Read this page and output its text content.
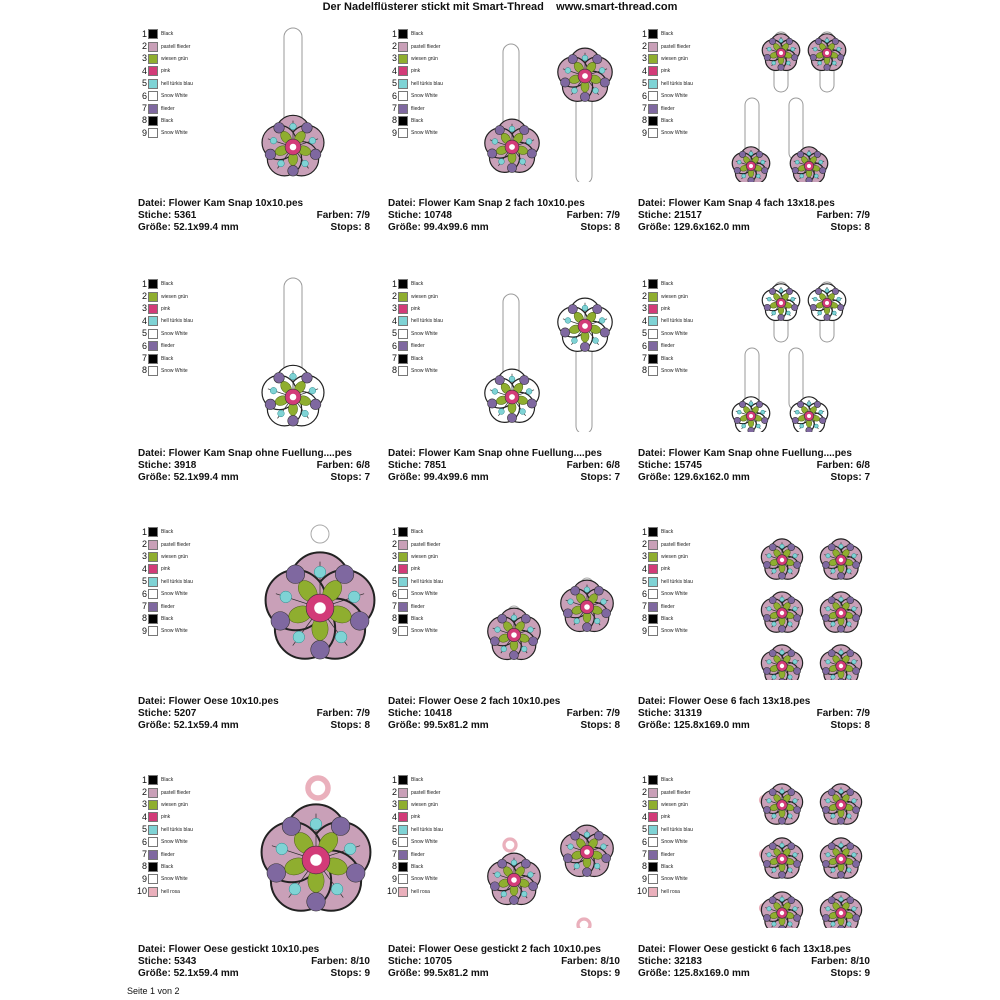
Der Nadelflüsterer stickt mit Smart-Thread www.smart-thread.com
1	Black
2	pastell flieder
3	wiesen grün
4	pink
5	hell türkis blau
6	Snow White
7	flieder
8	Black
9	Snow White
Datei: Flower Kam Snap 10x10.pes
Stiche: 5361	Farben: 7/9
Größe: 52.1x99.4 mm	Stops: 8
1	Black
2	pastell flieder
3	wiesen grün
4	pink
5	hell türkis blau
6	Snow White
7	flieder
8	Black
9	Snow White
Datei: Flower Kam Snap 2 fach 10x10.pes
Stiche: 10748	Farben: 7/9
Größe: 99.4x99.6 mm	Stops: 8
1	Black
2	pastell flieder
3	wiesen grün
4	pink
5	hell türkis blau
6	Snow White
7	flieder
8	Black
9	Snow White
Datei: Flower Kam Snap 4 fach 13x18.pes
Stiche: 21517	Farben: 7/9
Größe: 129.6x162.0 mm	Stops: 8
1	Black
2	wiesen grün
3	pink
4	hell türkis blau
5	Snow White
6	flieder
7	Black
8	Snow White
Datei: Flower Kam Snap ohne Fuellung....pes
Stiche: 3918	Farben: 6/8
Größe: 52.1x99.4 mm	Stops: 7
1	Black
2	wiesen grün
3	pink
4	hell türkis blau
5	Snow White
6	flieder
7	Black
8	Snow White
Datei: Flower Kam Snap ohne Fuellung....pes
Stiche: 7851	Farben: 6/8
Größe: 99.4x99.6 mm	Stops: 7
1	Black
2	wiesen grün
3	pink
4	hell türkis blau
5	Snow White
6	flieder
7	Black
8	Snow White
Datei: Flower Kam Snap ohne Fuellung....pes
Stiche: 15745	Farben: 6/8
Größe: 129.6x162.0 mm	Stops: 7
1	Black
2	pastell flieder
3	wiesen grün
4	pink
5	hell türkis blau
6	Snow White
7	flieder
8	Black
9	Snow White
Datei: Flower Oese 10x10.pes
Stiche: 5207	Farben: 7/9
Größe: 52.1x59.4 mm	Stops: 8
1	Black
2	pastell flieder
3	wiesen grün
4	pink
5	hell türkis blau
6	Snow White
7	flieder
8	Black
9	Snow White
Datei: Flower Oese 2 fach 10x10.pes
Stiche: 10418	Farben: 7/9
Größe: 99.5x81.2 mm	Stops: 8
1	Black
2	pastell flieder
3	wiesen grün
4	pink
5	hell türkis blau
6	Snow White
7	flieder
8	Black
9	Snow White
Datei: Flower Oese 6 fach 13x18.pes
Stiche: 31319	Farben: 7/9
Größe: 125.8x169.0 mm	Stops: 8
1	Black
2	pastell flieder
3	wiesen grün
4	pink
5	hell türkis blau
6	Snow White
7	flieder
8	Black
9	Snow White
10	hell rosa
Datei: Flower Oese gestickt 10x10.pes
Stiche: 5343	Farben: 8/10
Größe: 52.1x59.4 mm	Stops: 9
1	Black
2	pastell flieder
3	wiesen grün
4	pink
5	hell türkis blau
6	Snow White
7	flieder
8	Black
9	Snow White
10	hell rosa
Datei: Flower Oese gestickt 2 fach 10x10.pes
Stiche: 10705	Farben: 8/10
Größe: 99.5x81.2 mm	Stops: 9
1	Black
2	pastell flieder
3	wiesen grün
4	pink
5	hell türkis blau
6	Snow White
7	flieder
8	Black
9	Snow White
10	hell rosa
Datei: Flower Oese gestickt 6 fach 13x18.pes
Stiche: 32183	Farben: 8/10
Größe: 125.8x169.0 mm	Stops: 9
Seite 1 von 2
